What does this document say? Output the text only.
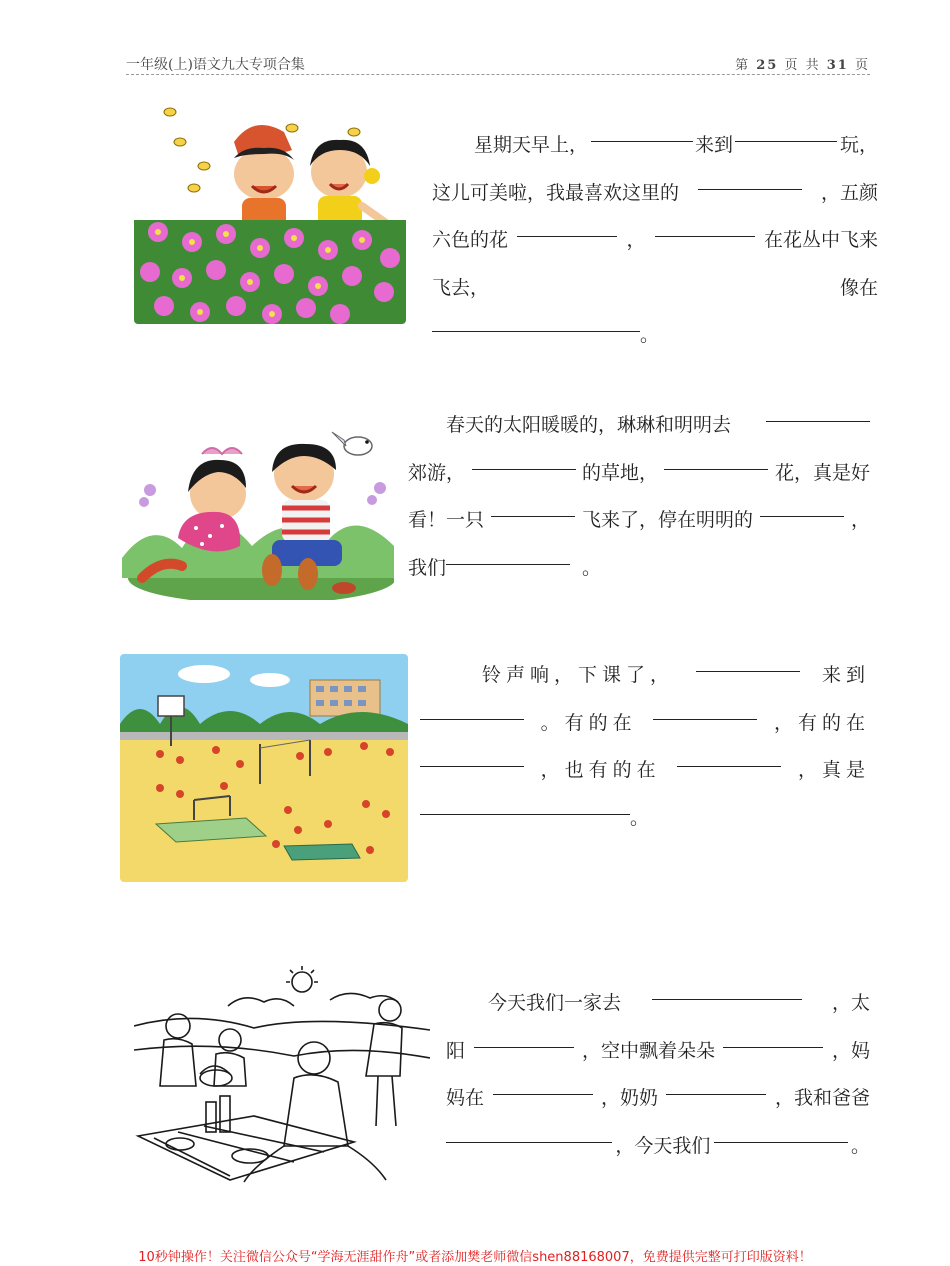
一年级(上)语文九大专项合集	第 25 页 共 31 页
星期天早上，	来到	玩，
这儿可美啦，我最喜欢这里的	，五颜
六色的花	，	在花丛中飞来
飞去，	像在
。
春天的太阳暖暖的，琳琳和明明去
郊游，	的草地，	花，真是好
看！一只	飞来了，停在明明的	，
我们	。
铃声响，下课了，	来到
。有的在	，有的在
，也有的在	，真是
。
今天我们一家去	，太
阳	，空中飘着朵朵	，妈
妈在	，奶奶	，我和爸爸
，今天我们	。
10秒钟操作！关注微信公众号“学海无涯甜作舟”或者添加樊老师微信shen88168007，免费提供完整可打印版资料！
